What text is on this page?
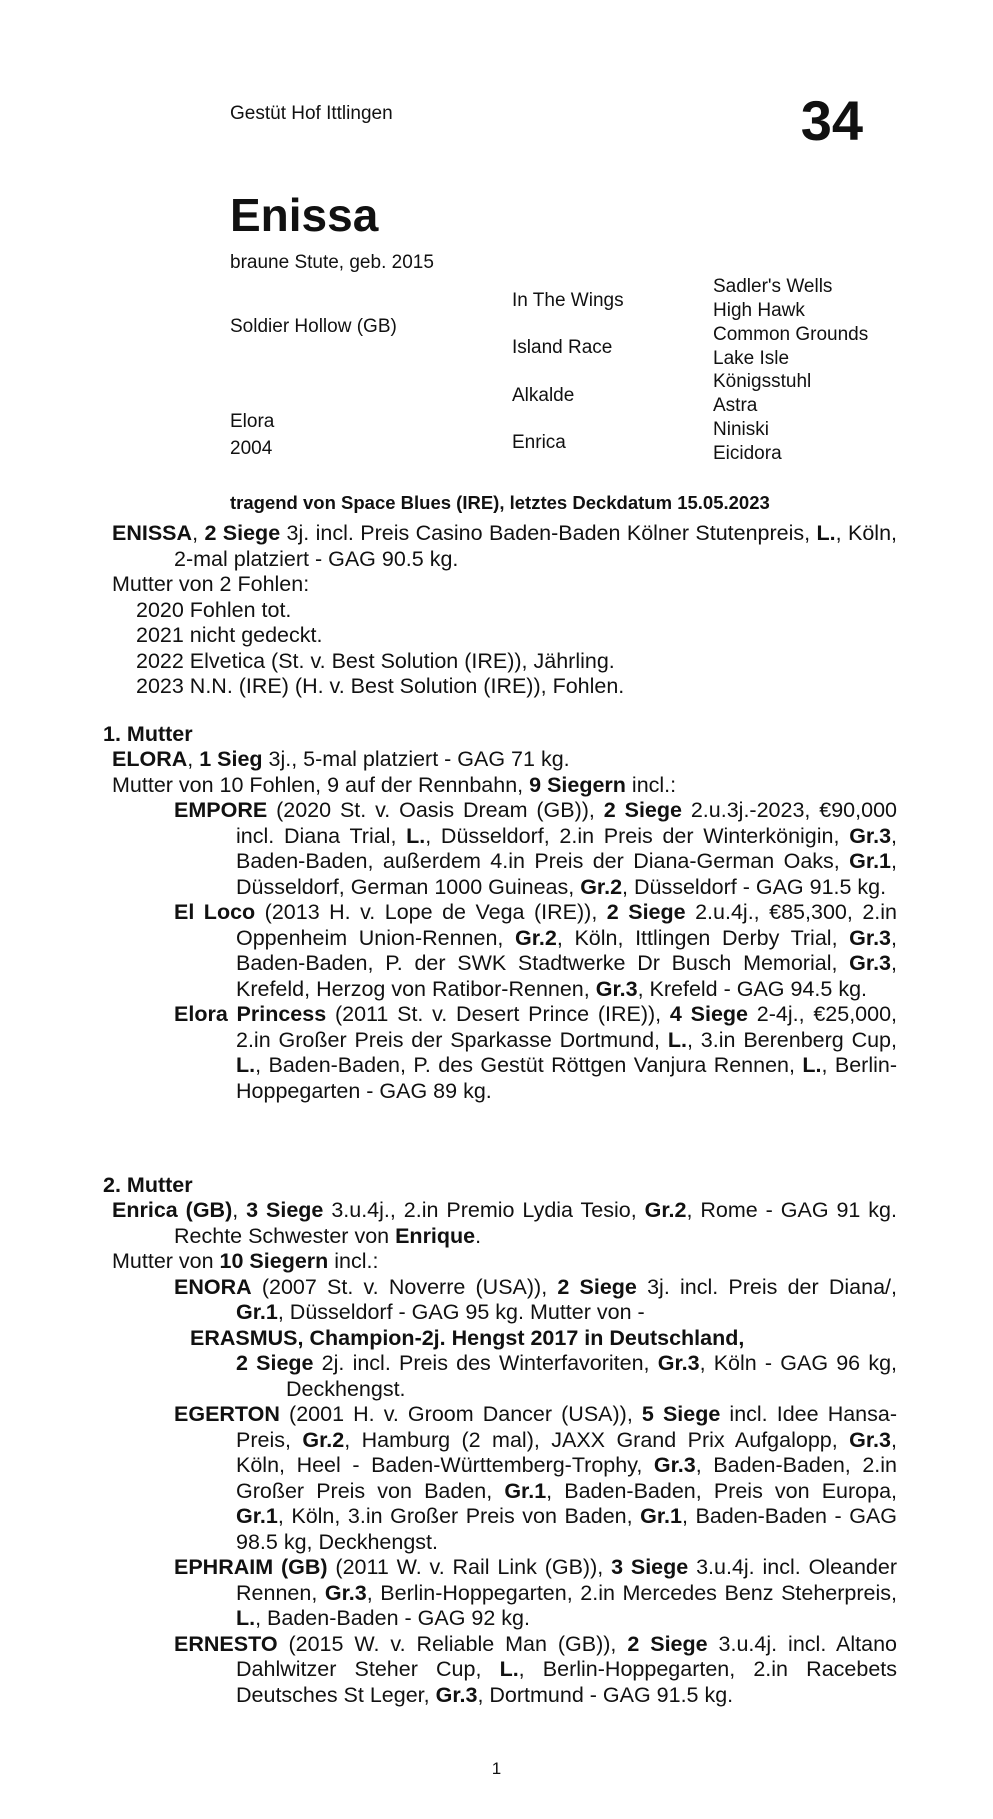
Gestüt Hof Ittlingen	34
Enissa
braune Stute, geb. 2015
Soldier Hollow (GB)
Elora
2004
In The Wings
Island Race
Alkalde
Enrica
Sadler's Wells
High Hawk
Common Grounds
Lake Isle
Königsstuhl
Astra
Niniski
Eicidora
tragend von Space Blues (IRE), letztes Deckdatum 15.05.2023
ENISSA, 2 Siege 3j. incl. Preis Casino Baden-Baden Kölner Stutenpreis, L., Köln, 2-mal platziert - GAG 90.5 kg.
Mutter von 2 Fohlen:
2020 Fohlen tot.
2021 nicht gedeckt.
2022 Elvetica (St. v. Best Solution (IRE)), Jährling.
2023 N.N. (IRE) (H. v. Best Solution (IRE)), Fohlen.
1. Mutter
ELORA, 1 Sieg 3j., 5-mal platziert - GAG 71 kg.
Mutter von 10 Fohlen, 9 auf der Rennbahn, 9 Siegern incl.:
EMPORE (2020 St. v. Oasis Dream (GB)), 2 Siege 2.u.3j.-2023, €90,000 incl. Diana Trial, L., Düsseldorf, 2.in Preis der Winterkönigin, Gr.3, Baden-Baden, außerdem 4.in Preis der Diana-German Oaks, Gr.1, Düsseldorf, German 1000 Guineas, Gr.2, Düsseldorf - GAG 91.5 kg.
El Loco (2013 H. v. Lope de Vega (IRE)), 2 Siege 2.u.4j., €85,300, 2.in Oppenheim Union-Rennen, Gr.2, Köln, Ittlingen Derby Trial, Gr.3, Baden-Baden, P. der SWK Stadtwerke Dr Busch Memorial, Gr.3, Krefeld, Herzog von Ratibor-Rennen, Gr.3, Krefeld - GAG 94.5 kg.
Elora Princess (2011 St. v. Desert Prince (IRE)), 4 Siege 2-4j., €25,000, 2.in Großer Preis der Sparkasse Dortmund, L., 3.in Berenberg Cup, L., Baden-Baden, P. des Gestüt Röttgen Vanjura Rennen, L., Berlin-Hoppegarten - GAG 89 kg.
2. Mutter
Enrica (GB), 3 Siege 3.u.4j., 2.in Premio Lydia Tesio, Gr.2, Rome - GAG 91 kg. Rechte Schwester von Enrique.
Mutter von 10 Siegern incl.:
ENORA (2007 St. v. Noverre (USA)), 2 Siege 3j. incl. Preis der Diana/, Gr.1, Düsseldorf - GAG 95 kg. Mutter von -
ERASMUS, Champion-2j. Hengst 2017 in Deutschland,
2 Siege 2j. incl. Preis des Winterfavoriten, Gr.3, Köln - GAG 96 kg, Deckhengst.
EGERTON (2001 H. v. Groom Dancer (USA)), 5 Siege incl. Idee Hansa-Preis, Gr.2, Hamburg (2 mal), JAXX Grand Prix Aufgalopp, Gr.3, Köln, Heel - Baden-Württemberg-Trophy, Gr.3, Baden-Baden, 2.in Großer Preis von Baden, Gr.1, Baden-Baden, Preis von Europa, Gr.1, Köln, 3.in Großer Preis von Baden, Gr.1, Baden-Baden - GAG 98.5 kg, Deckhengst.
EPHRAIM (GB) (2011 W. v. Rail Link (GB)), 3 Siege 3.u.4j. incl. Oleander Rennen, Gr.3, Berlin-Hoppegarten, 2.in Mercedes Benz Steherpreis, L., Baden-Baden - GAG 92 kg.
ERNESTO (2015 W. v. Reliable Man (GB)), 2 Siege 3.u.4j. incl. Altano Dahlwitzer Steher Cup, L., Berlin-Hoppegarten, 2.in Racebets Deutsches St Leger, Gr.3, Dortmund - GAG 91.5 kg.
1
